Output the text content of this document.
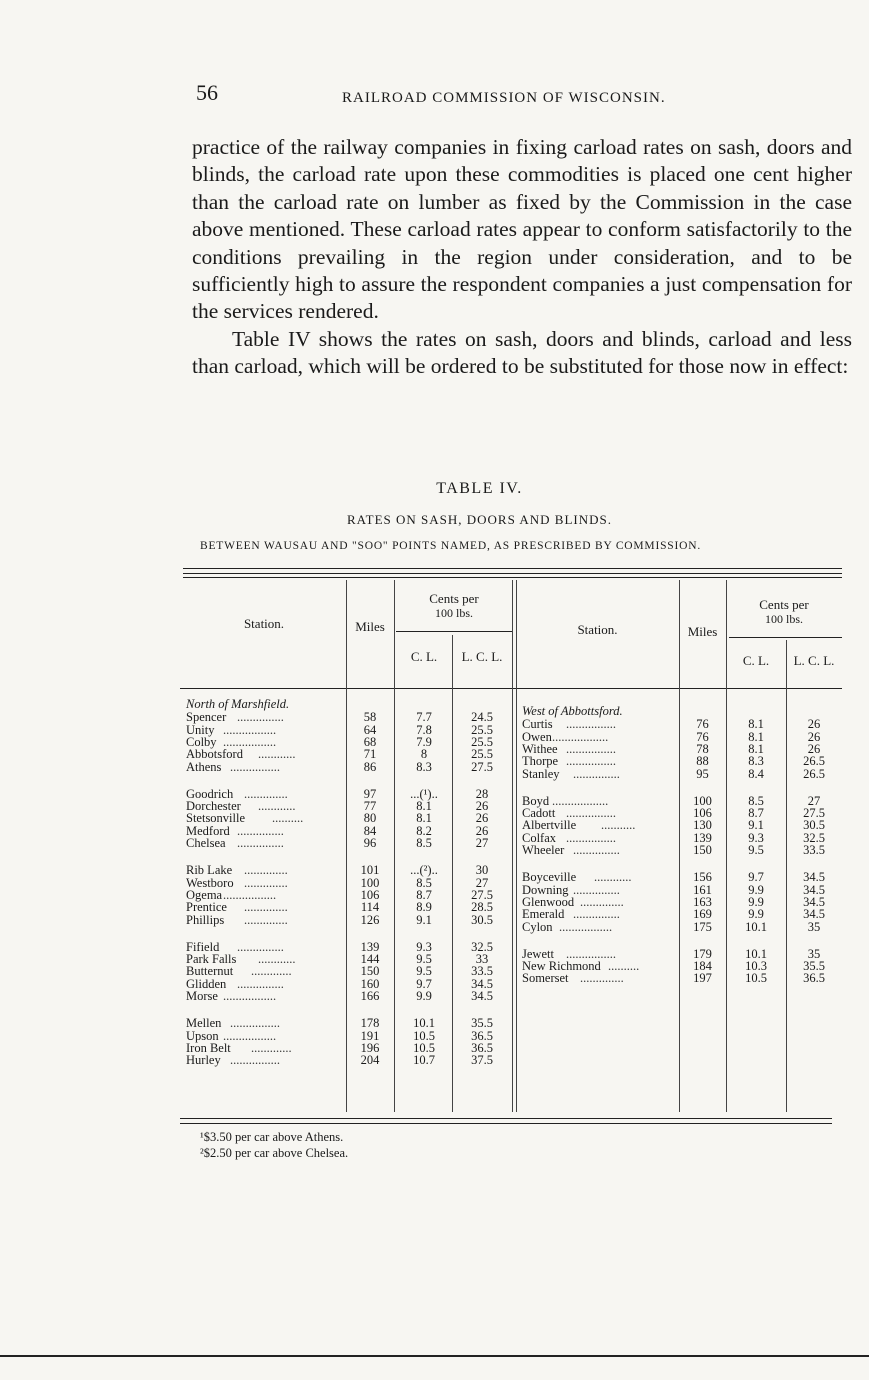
56	RAILROAD COMMISSION OF WISCONSIN.

practice of the railway companies in fixing carload rates on sash, doors and blinds, the carload rate upon these commodities is placed one cent higher than the carload rate on lumber as fixed by the Commission in the case above mentioned. These carload rates appear to conform satisfactorily to the conditions prevailing in the region under consideration, and to be sufficiently high to assure the respondent companies a just compensation for the services rendered.

Table IV shows the rates on sash, doors and blinds, carload and less than carload, which will be ordered to be substituted for those now in effect:

TABLE IV.
RATES ON SASH, DOORS AND BLINDS.
BETWEEN WAUSAU AND "SOO" POINTS NAMED, AS PRESCRIBED BY COMMISSION.
Station.	Miles
Cents per
100 lbs.
C. L.	L. C. L.
Station.	Miles
Cents per
100 lbs.
C. L.	L. C. L.
North of Marshfield.
Spencer ...............	58	7.7	24.5
Unity .................	64	7.8	25.5
Colby .................	68	7.9	25.5
Abbotsford ............	71	8	25.5
Athens ................	86	8.3	27.5
Goodrich ..............	97	...(¹)..	28
Dorchester ............	77	8.1	26
Stetsonville ..........	80	8.1	26
Medford ...............	84	8.2	26
Chelsea ...............	96	8.5	27
Rib Lake ..............	101	...(²)..	30
Westboro ..............	100	8.5	27
Ogema .................	106	8.7	27.5
Prentice ..............	114	8.9	28.5
Phillips ..............	126	9.1	30.5
Fifield ...............	139	9.3	32.5
Park Falls ............	144	9.5	33
Butternut .............	150	9.5	33.5
Glidden ...............	160	9.7	34.5
Morse .................	166	9.9	34.5
Mellen ................	178	10.1	35.5
Upson .................	191	10.5	36.5
Iron Belt .............	196	10.5	36.5
Hurley ................	204	10.7	37.5
West of Abbottsford.
Curtis ................	76	8.1	26
Owen ..................	76	8.1	26
Withee ................	78	8.1	26
Thorpe ................	88	8.3	26.5
Stanley ...............	95	8.4	26.5
Boyd ..................	100	8.5	27
Cadott ................	106	8.7	27.5
Albertville ...........	130	9.1	30.5
Colfax ................	139	9.3	32.5
Wheeler ...............	150	9.5	33.5
Boyceville ............	156	9.7	34.5
Downing ...............	161	9.9	34.5
Glenwood ..............	163	9.9	34.5
Emerald ...............	169	9.9	34.5
Cylon .................	175	10.1	35
Jewett ................	179	10.1	35
New Richmond ..........	184	10.3	35.5
Somerset ..............	197	10.5	36.5
¹$3.50 per car above Athens.
²$2.50 per car above Chelsea.
